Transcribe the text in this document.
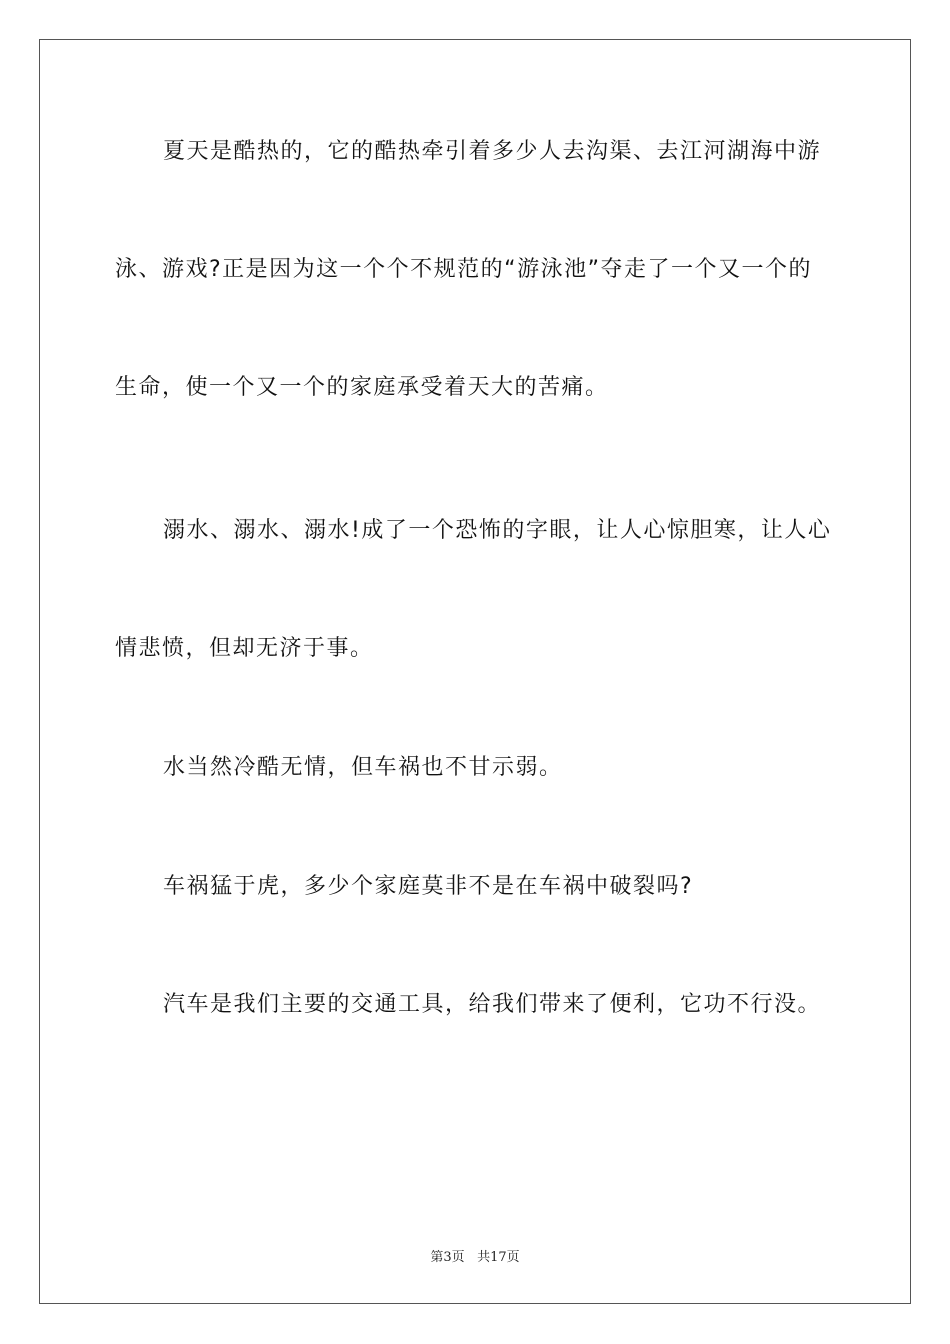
夏天是酷热的，它的酷热牵引着多少人去沟渠、去江河湖海中游泳、游戏?正是因为这一个个不规范的“游泳池”夺走了一个又一个的生命，使一个又一个的家庭承受着天大的苦痛。

溺水、溺水、溺水!成了一个恐怖的字眼，让人心惊胆寒，让人心情悲愤，但却无济于事。

水当然冷酷无情，但车祸也不甘示弱。

车祸猛于虎，多少个家庭莫非不是在车祸中破裂吗?

汽车是我们主要的交通工具，给我们带来了便利，它功不行没。

第3页 共17页
